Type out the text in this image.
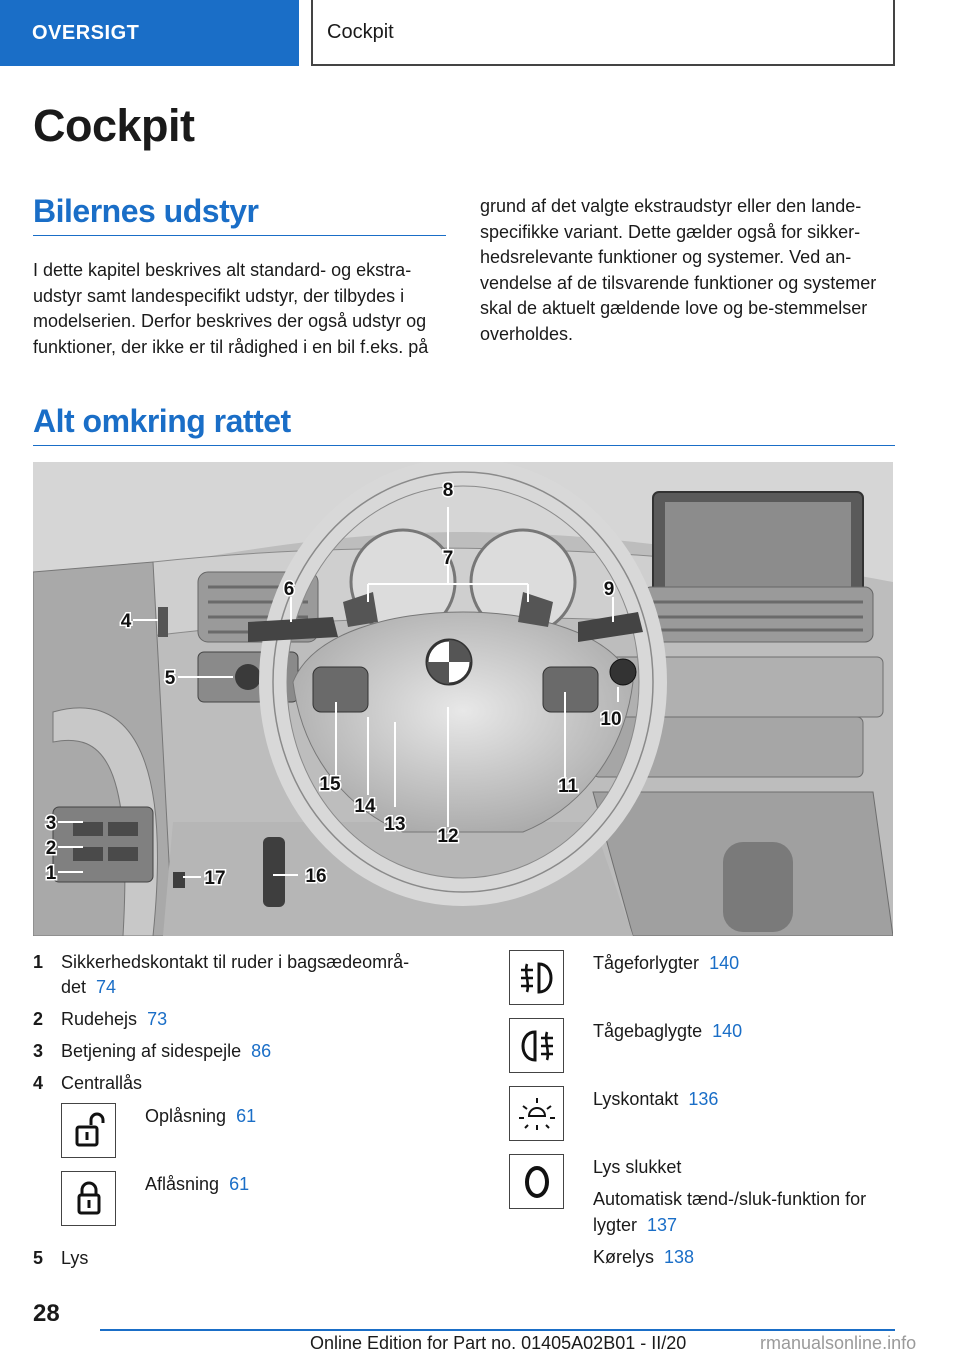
OVERSIGT	Cockpit
Cockpit
Bilernes udstyr

I dette kapitel beskrives alt standard- og ekstra-udstyr samt landespecifikt udstyr, der tilbydes i modelserien. Derfor beskrives der også udstyr og funktioner, der ikke er til rådighed i en bil f.eks. på

grund af det valgte ekstraudstyr eller den lande-specifikke variant. Dette gælder også for sikker-hedsrelevante funktioner og systemer. Ved an-vendelse af de tilsvarende funktioner og systemer skal de aktuelt gældende love og be-stemmelser overholdes.

Alt omkring rattet
1
2
3
4
5
6
7
8
9
10
11
12
13
14
15
16
17
1 Sikkerhedskontakt til ruder i bagsædeområ-
det 74
2 Rudehejs 73
3 Betjening af sidespejle 86
4 Centrallås
Oplåsning 61
Aflåsning 61
5 Lys
Tågeforlygter 140
Tågebaglygte 140
Lyskontakt 136
Lys slukket
Automatisk tænd-/sluk-funktion for
lygter 137
Kørelys 138
28
Online Edition for Part no. 01405A02B01 - II/20	rmanualsonline.info
